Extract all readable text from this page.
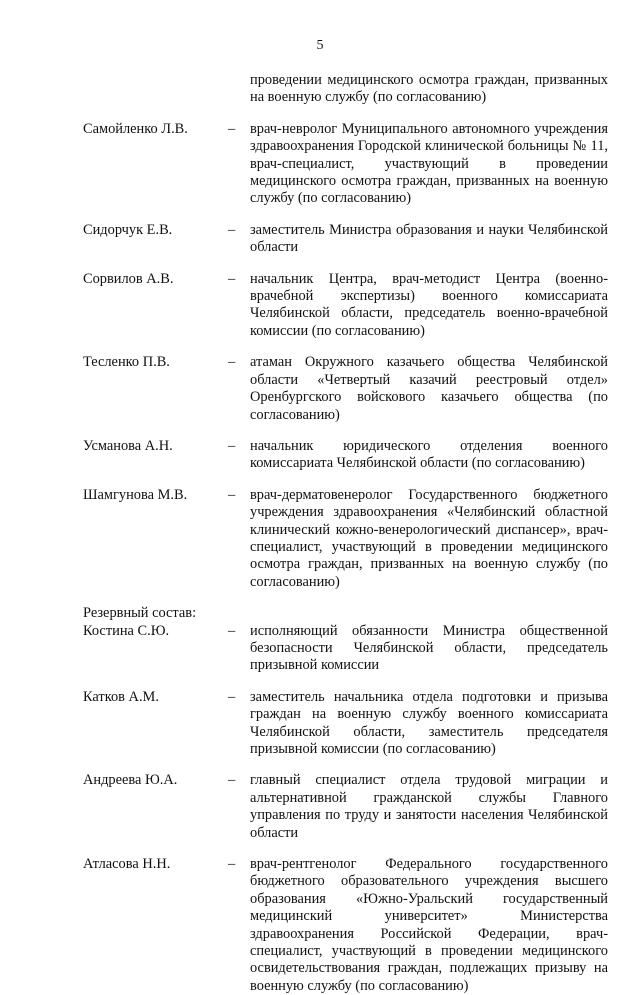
5
проведении медицинского осмотра граждан, призванных на военную службу (по согласованию)
Самойленко Л.В.	–	врач-невролог Муниципального автономного учреждения здравоохранения Городской клинической больницы № 11, врач-специалист, участвующий в проведении медицинского осмотра граждан, призванных на военную службу (по согласованию)
Сидорчук Е.В.	–	заместитель Министра образования и науки Челябинской области
Сорвилов А.В.	–	начальник Центра, врач-методист Центра (военно-врачебной экспертизы) военного комиссариата Челябинской области, председатель военно-врачебной комиссии (по согласованию)
Тесленко П.В.	–	атаман Окружного казачьего общества Челябинской области «Четвертый казачий реестровый отдел» Оренбургского войскового казачьего общества (по согласованию)
Усманова А.Н.	–	начальник юридического отделения военного комиссариата Челябинской области (по согласованию)
Шамгунова М.В.	–	врач-дерматовенеролог Государственного бюджетного учреждения здравоохранения «Челябинский областной клинический кожно-венерологический диспансер», врач-специалист, участвующий в проведении медицинского осмотра граждан, призванных на военную службу (по согласованию)
Резервный состав:
Костина С.Ю.	–	исполняющий обязанности Министра общественной безопасности Челябинской области, председатель призывной комиссии
Катков А.М.	–	заместитель начальника отдела подготовки и призыва граждан на военную службу военного комиссариата Челябинской области, заместитель председателя призывной комиссии (по согласованию)
Андреева Ю.А.	–	главный специалист отдела трудовой миграции и альтернативной гражданской службы Главного управления по труду и занятости населения Челябинской области
Атласова Н.Н.	–	врач-рентгенолог Федерального государственного бюджетного образовательного учреждения высшего образования «Южно-Уральский государственный медицинский университет» Министерства здравоохранения Российской Федерации, врач-специалист, участвующий в проведении медицинского освидетельствования граждан, подлежащих призыву на военную службу (по согласованию)
